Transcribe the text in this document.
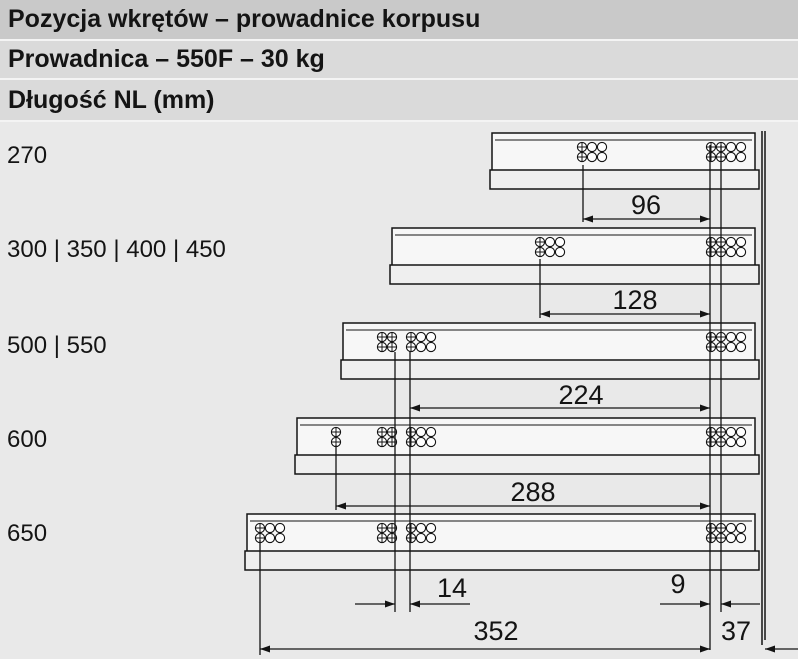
Pozycja wkrętów – prowadnice korpusu
Prowadnica – 550F – 30 kg
Długość NL (mm)
270
300 | 350 | 400 | 450
500 | 550
600
650
96
128
224
288
14	9
352	37
